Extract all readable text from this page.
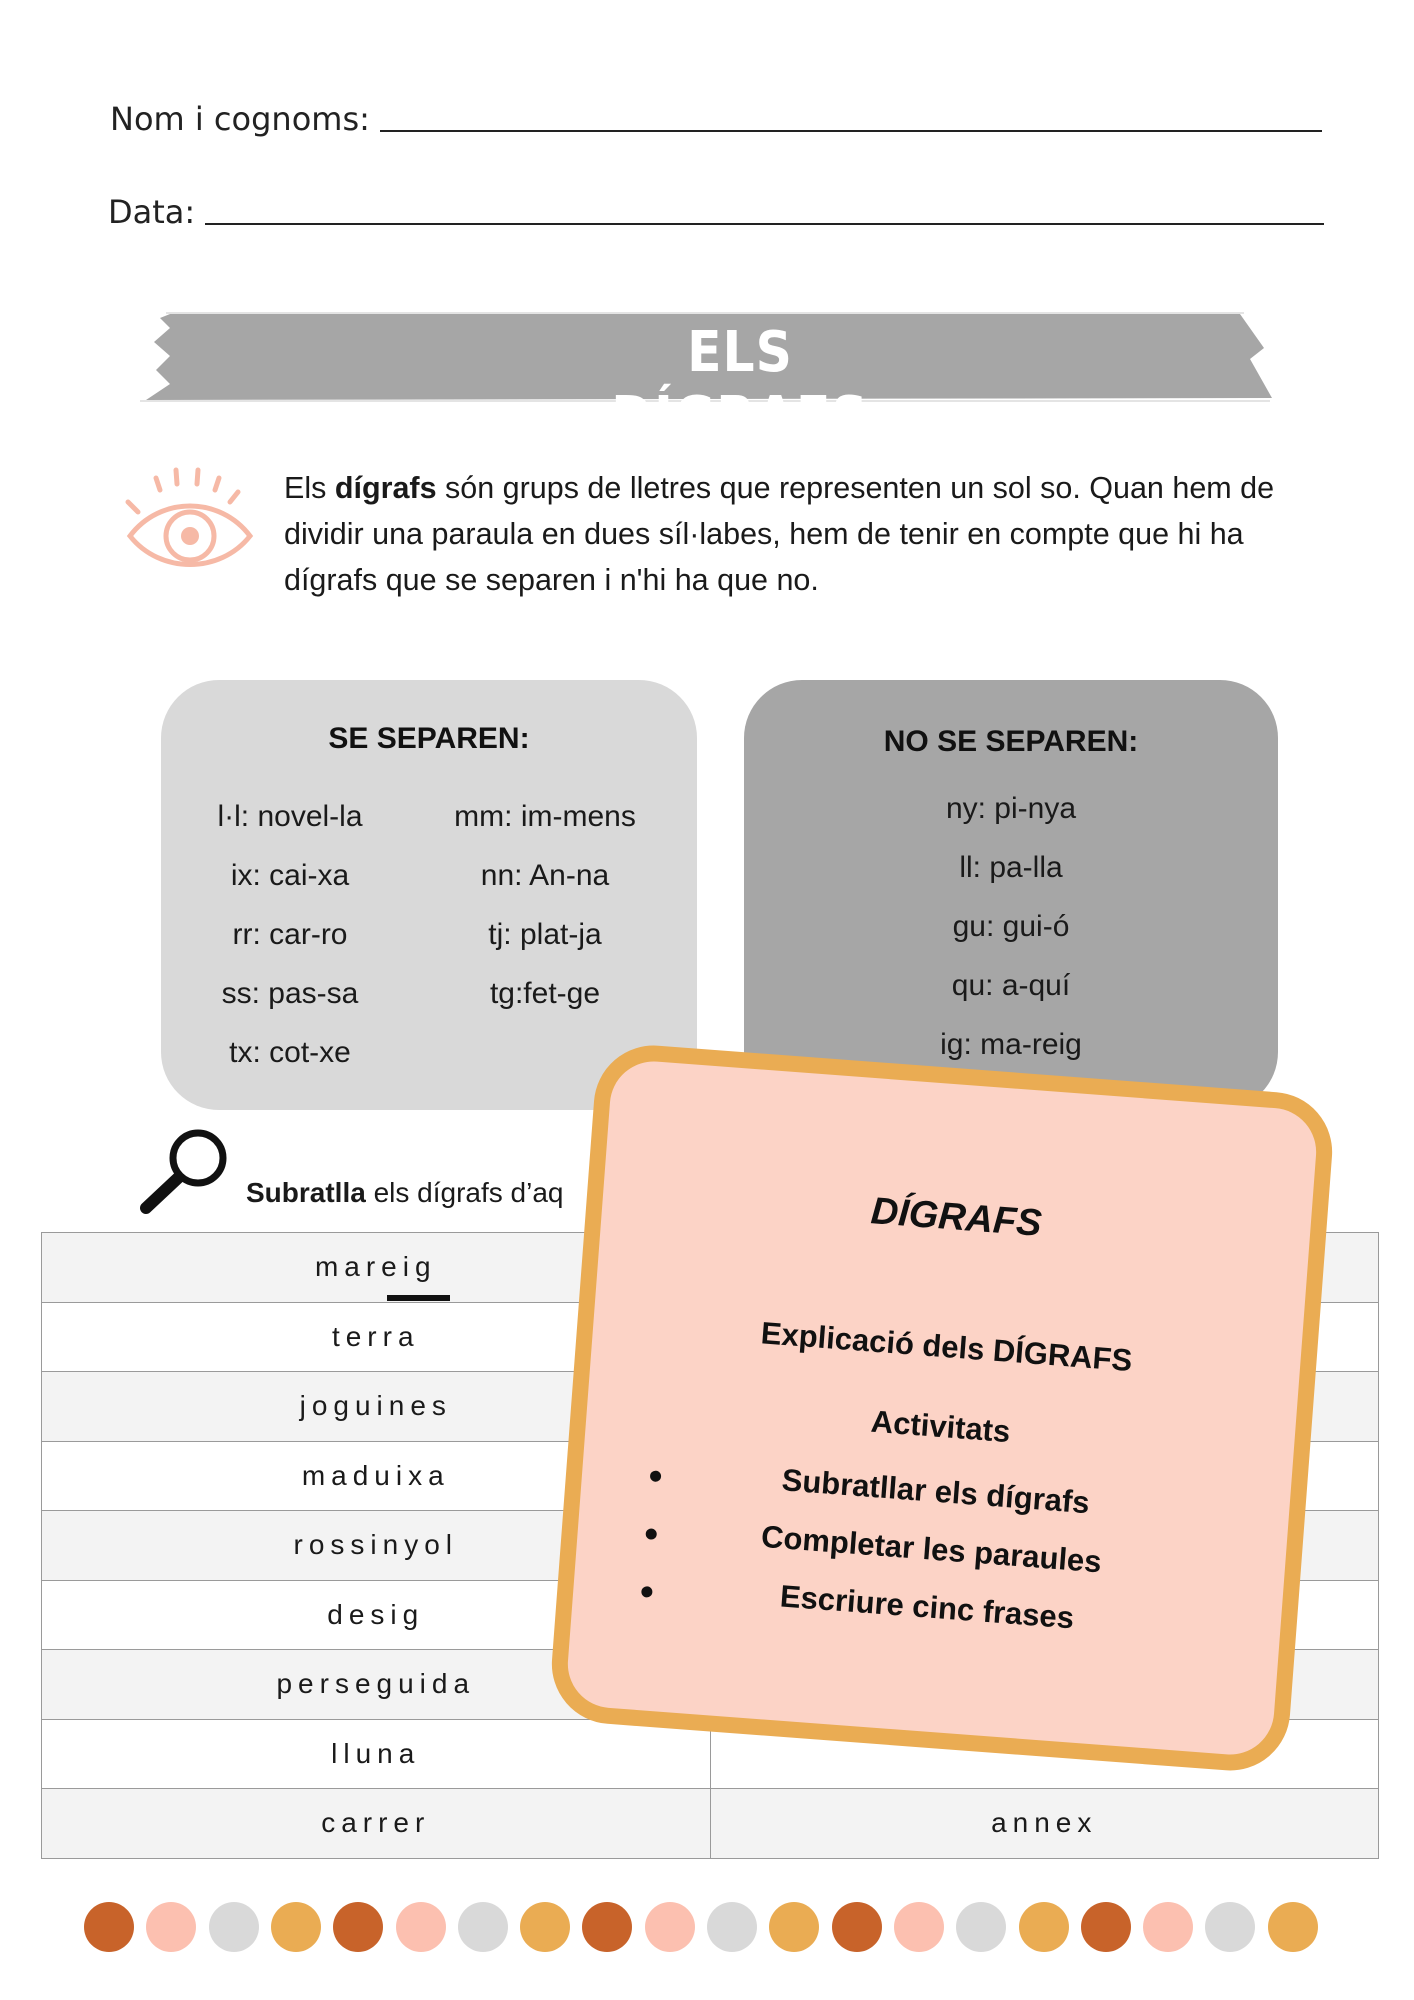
Nom i cognoms:
Data:
ELS DÍGRAFS
Els dígrafs són grups de lletres que representen un sol so. Quan hem de dividir una paraula en dues síl·labes, hem de tenir en compte que hi ha dígrafs que se separen i n'hi ha que no.
SE SEPAREN:
l·l: novel-la
ix: cai-xa
rr: car-ro
ss: pas-sa
tx: cot-xe
mm: im-mens
nn: An-na
tj: plat-ja
tg:fet-ge
NO SE SEPAREN:
ny: pi-nya
ll: pa-lla
gu: gui-ó
qu: a-quí
ig: ma-reig
Subratlla els dígrafs d’aq
mareig	
terra	
joguines	
maduixa	
rossinyol	
desig	
perseguida	
lluna	
carrer	annex
DÍGRAFS
Explicació dels DÍGRAFS
Activitats
Subratllar els dígrafs
Completar les paraules
Escriure cinc frases
